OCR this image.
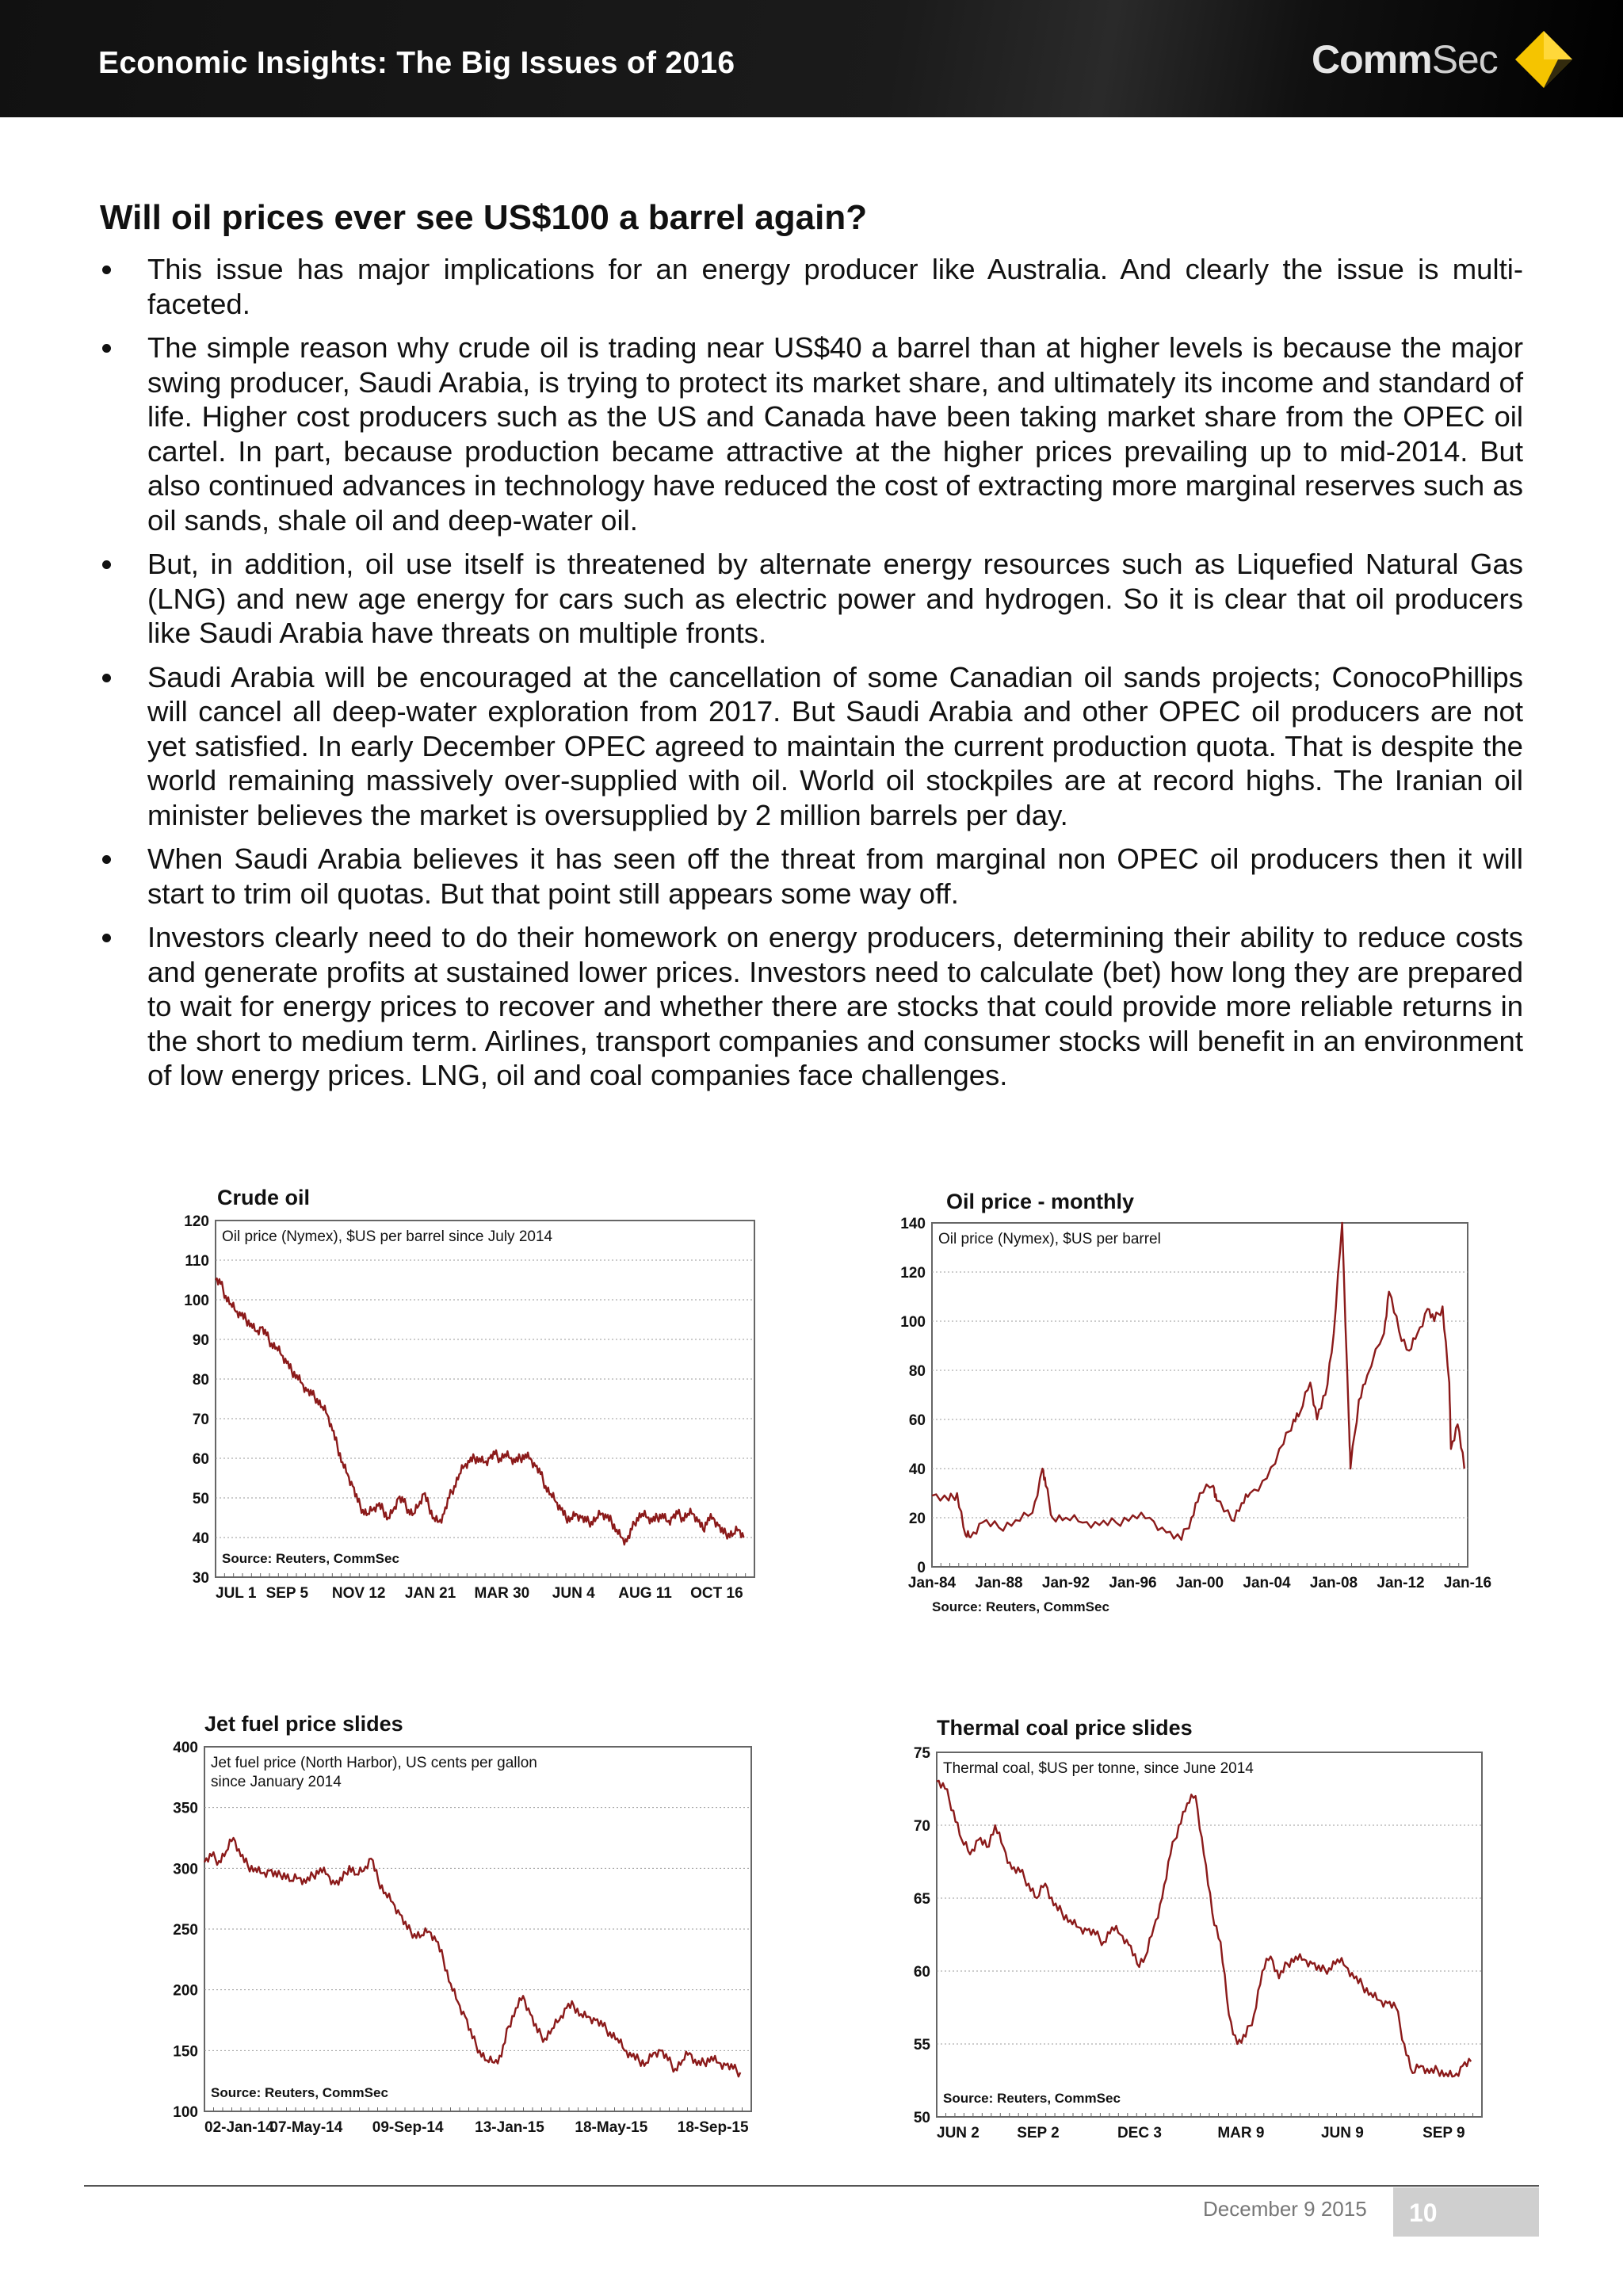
Economic Insights: The Big Issues of 2016	CommSec
Will oil prices ever see US$100 a barrel again?
This issue has major implications for an energy producer like Australia. And clearly the issue is multi-faceted.
The simple reason why crude oil is trading near US$40 a barrel than at higher levels is because the major swing producer, Saudi Arabia, is trying to protect its market share, and ultimately its income and standard of life. Higher cost producers such as the US and Canada have been taking market share from the OPEC oil cartel. In part, because production became attractive at the higher prices prevailing up to mid-2014. But also continued advances in technology have reduced the cost of extracting more marginal reserves such as oil sands, shale oil and deep-water oil.
But, in addition, oil use itself is threatened by alternate energy resources such as Liquefied Natural Gas (LNG) and new age energy for cars such as electric power and hydrogen. So it is clear that oil producers like Saudi Arabia have threats on multiple fronts.
Saudi Arabia will be encouraged at the cancellation of some Canadian oil sands projects; ConocoPhillips will cancel all deep-water exploration from 2017. But Saudi Arabia and other OPEC oil producers are not yet satisfied. In early December OPEC agreed to maintain the current production quota. That is despite the world remaining massively over-supplied with oil. World oil stockpiles are at record highs. The Iranian oil minister believes the market is oversupplied by 2 million barrels per day.
When Saudi Arabia believes it has seen off the threat from marginal non OPEC oil producers then it will start to trim oil quotas. But that point still appears some way off.
Investors clearly need to do their homework on energy producers, determining their ability to reduce costs and generate profits at sustained lower prices. Investors need to calculate (bet) how long they are prepared to wait for energy prices to recover and whether there are stocks that could provide more reliable returns in the short to medium term. Airlines, transport companies and consumer stocks will benefit in an environment of low energy prices. LNG, oil and coal companies face challenges.
Crude oil
30
40
50
60
70
80
90
100
110
120
JUL 1 SEP 5 NOV 12 JAN 21 MAR 30 JUN 4 AUG 11 OCT 16
Oil price (Nymex), $US per barrel since July 2014
Source: Reuters, CommSec
Oil price - monthly
0
20
40
60
80
100
120
140
Jan-84 Jan-88 Jan-92 Jan-96 Jan-00 Jan-04 Jan-08 Jan-12 Jan-16
Oil price (Nymex), $US per barrel
Source: Reuters, CommSec
Jet fuel price slides
100
150
200
250
300
350
400
02-Jan-14
07-May-14 09-Sep-14 13-Jan-15 18-May-15 18-Sep-15
Jet fuel price (North Harbor), US cents per gallon
since January 2014
Source: Reuters, CommSec
Thermal coal price slides
50
55
60
65
70
75
JUN 2 SEP 2	DEC 3	MAR 9	JUN 9	SEP 9
Thermal coal, $US per tonne, since June 2014
Source: Reuters, CommSec
December 9 2015 10
